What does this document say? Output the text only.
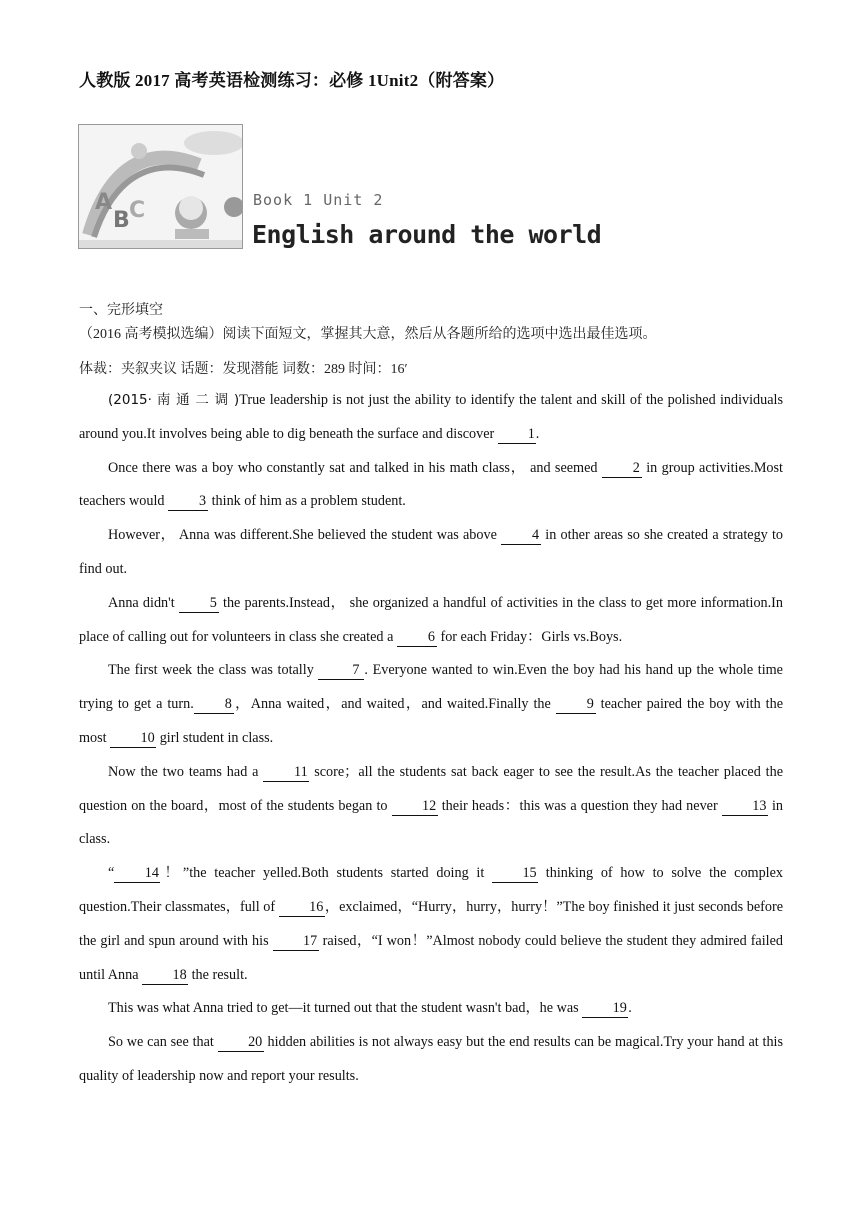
人教版 2017 高考英语检测练习：必修 1Unit2（附答案）
A
B C	Book 1 Unit 2
English around the world
一、完形填空
（2016 高考模拟选编）阅读下面短文，掌握其大意，然后从各题所给的选项中选出最佳选项。
体裁：夹叙夹议 话题：发现潜能 词数：289 时间：16′

(2015· 南 通 二 调 )True leadership is not just the ability to identify the talent and skill of the polished individuals around you.It involves being able to dig beneath the surface and discover 1.

Once there was a boy who constantly sat and talked in his math class， and seemed 2 in group activities.Most teachers would 3 think of him as a problem student.

However， Anna was different.She believed the student was above 4 in other areas so she created a strategy to find out.

Anna didn't 5 the parents.Instead， she organized a handful of activities in the class to get more information.In place of calling out for volunteers in class she created a 6 for each Friday：Girls vs.Boys.

The first week the class was totally 7 . Everyone wanted to win.Even the boy had his hand up the whole time trying to get a turn. 8 ，Anna waited，and waited，and waited.Finally the 9 teacher paired the boy with the most 10 girl student in class.

Now the two teams had a 11 score；all the students sat back eager to see the result.As the teacher placed the question on the board，most of the students began to 12 their heads：this was a question they had never 13 in class.

“ 14！”the teacher yelled.Both students started doing it 15 thinking of how to solve the complex question.Their classmates，full of 16，exclaimed，“Hurry，hurry，hurry！”The boy finished it just seconds before the girl and spun around with his 17 raised，“I won！”Almost nobody could believe the student they admired failed until Anna 18 the result.

This was what Anna tried to get—it turned out that the student wasn't bad，he was 19.

So we can see that 20 hidden abilities is not always easy but the end results can be magical.Try your hand at this quality of leadership now and report your results.
